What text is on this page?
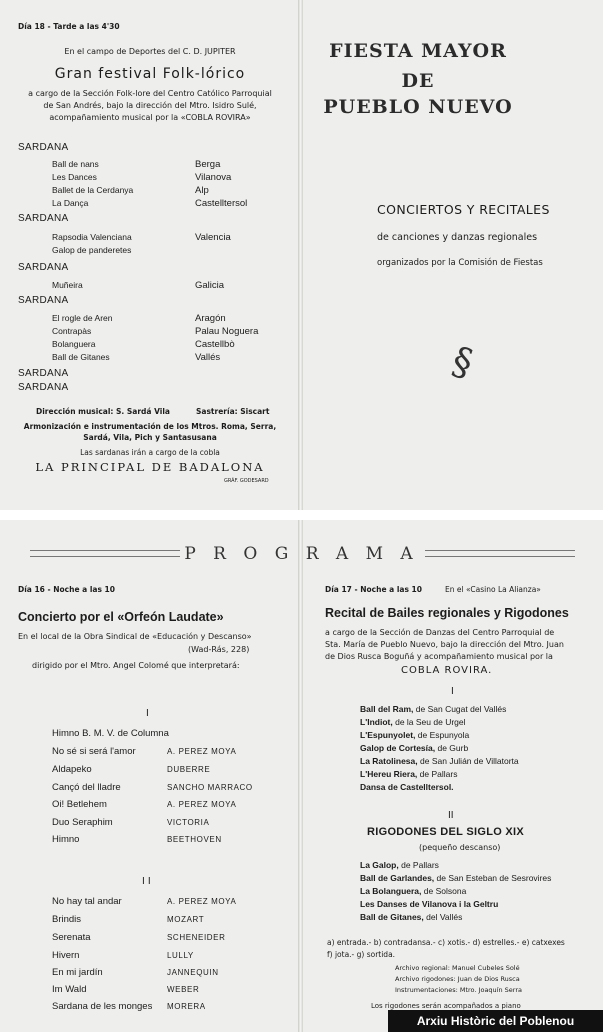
Día 18 - Tarde a las 4'30
En el campo de Deportes del C. D. JUPITER
Gran festival Folk-lórico
a cargo de la Sección Folk-lore del Centro Católico Parroquial
de San Andrés, bajo la dirección del Mtro. Isidro Sulé,
acompañamiento musical por la «COBLA ROVIRA»
SARDANA
Ball de nans	Berga
Les Dances	Vilanova
Ballet de la Cerdanya	Alp
La Dança	Castelltersol
SARDANA
Rapsodia Valenciana	Valencia
Galop de panderetes
SARDANA
Muñeira	Galicia
SARDANA
El rogle de Aren	Aragón
Contrapàs	Palau Noguera
Bolanguera	Castellbò
Ball de Gitanes	Vallés
SARDANA
SARDANA
Dirección musical: S. Sardá Vila	Sastrería: Siscart
Armonización e instrumentación de los Mtros. Roma, Serra,
Sardá, Vila, Pich y Santasusana
Las sardanas irán a cargo de la cobla
LA PRINCIPAL DE BADALONA
GRÁF. GODESARD
FIESTA MAYOR
DE
PUEBLO NUEVO
CONCIERTOS Y RECITALES
de canciones y danzas regionales
organizados por la Comisión de Fiestas
§
P R O G R A M A
Día 16 - Noche a las 10
Concierto por el «Orfeón Laudate»
En el local de la Obra Sindical de «Educación y Descanso»
(Wad-Rás, 228)
dirigido por el Mtro. Angel Colomé que interpretará:
I
Himno B. M. V. de Columna
No sé si será l'amor	A. PEREZ MOYA
Aldapeko	DUBERRE
Cançó del lladre	SANCHO MARRACO
Oi! Betlehem	A. PEREZ MOYA
Duo Seraphim	VICTORIA
Himno	BEETHOVEN
I I
No hay tal andar	A. PEREZ MOYA
Brindis	MOZART
Serenata	SCHENEIDER
Hivern	LULLY
En mi jardín	JANNEQUIN
Im Wald	WEBER
Sardana de les monges MORERA
Día 17 - Noche a las 10	En el «Casino La Alianza»
Recital de Bailes regionales y Rigodones
a cargo de la Sección de Danzas del Centro Parroquial de
Sta. María de Pueblo Nuevo, bajo la dirección del Mtro. Juan
de Dios Rusca Boguñá y acompañamiento musical por la
COBLA ROVIRA.
I
Ball del Ram, de San Cugat del Vallés
L'Indiot, de la Seu de Urgel
L'Espunyolet, de Espunyola
Galop de Cortesía, de Gurb
La Ratolinesa, de San Julián de Villatorta
L'Hereu Riera, de Pallars
Dansa de Castelltersol.
II
RIGODONES DEL SIGLO XIX
(pequeño descanso)
La Galop, de Pallars
Ball de Garlandes, de San Esteban de Sesrovires
La Bolanguera, de Solsona
Les Danses de Vilanova i la Geltru
Ball de Gitanes, del Vallés
a) entrada.- b) contradansa.- c) xotis.- d) estrelles.- e) catxexes
f) jota.- g) sortida.
Archivo regional: Manuel Cubeles Solé
Archivo rigodones: Juan de Dios Rusca
Instrumentaciones: Mtro. Joaquín Serra
Los rigodones serán acompañados a piano
Arxiu Històric del Poblenou
